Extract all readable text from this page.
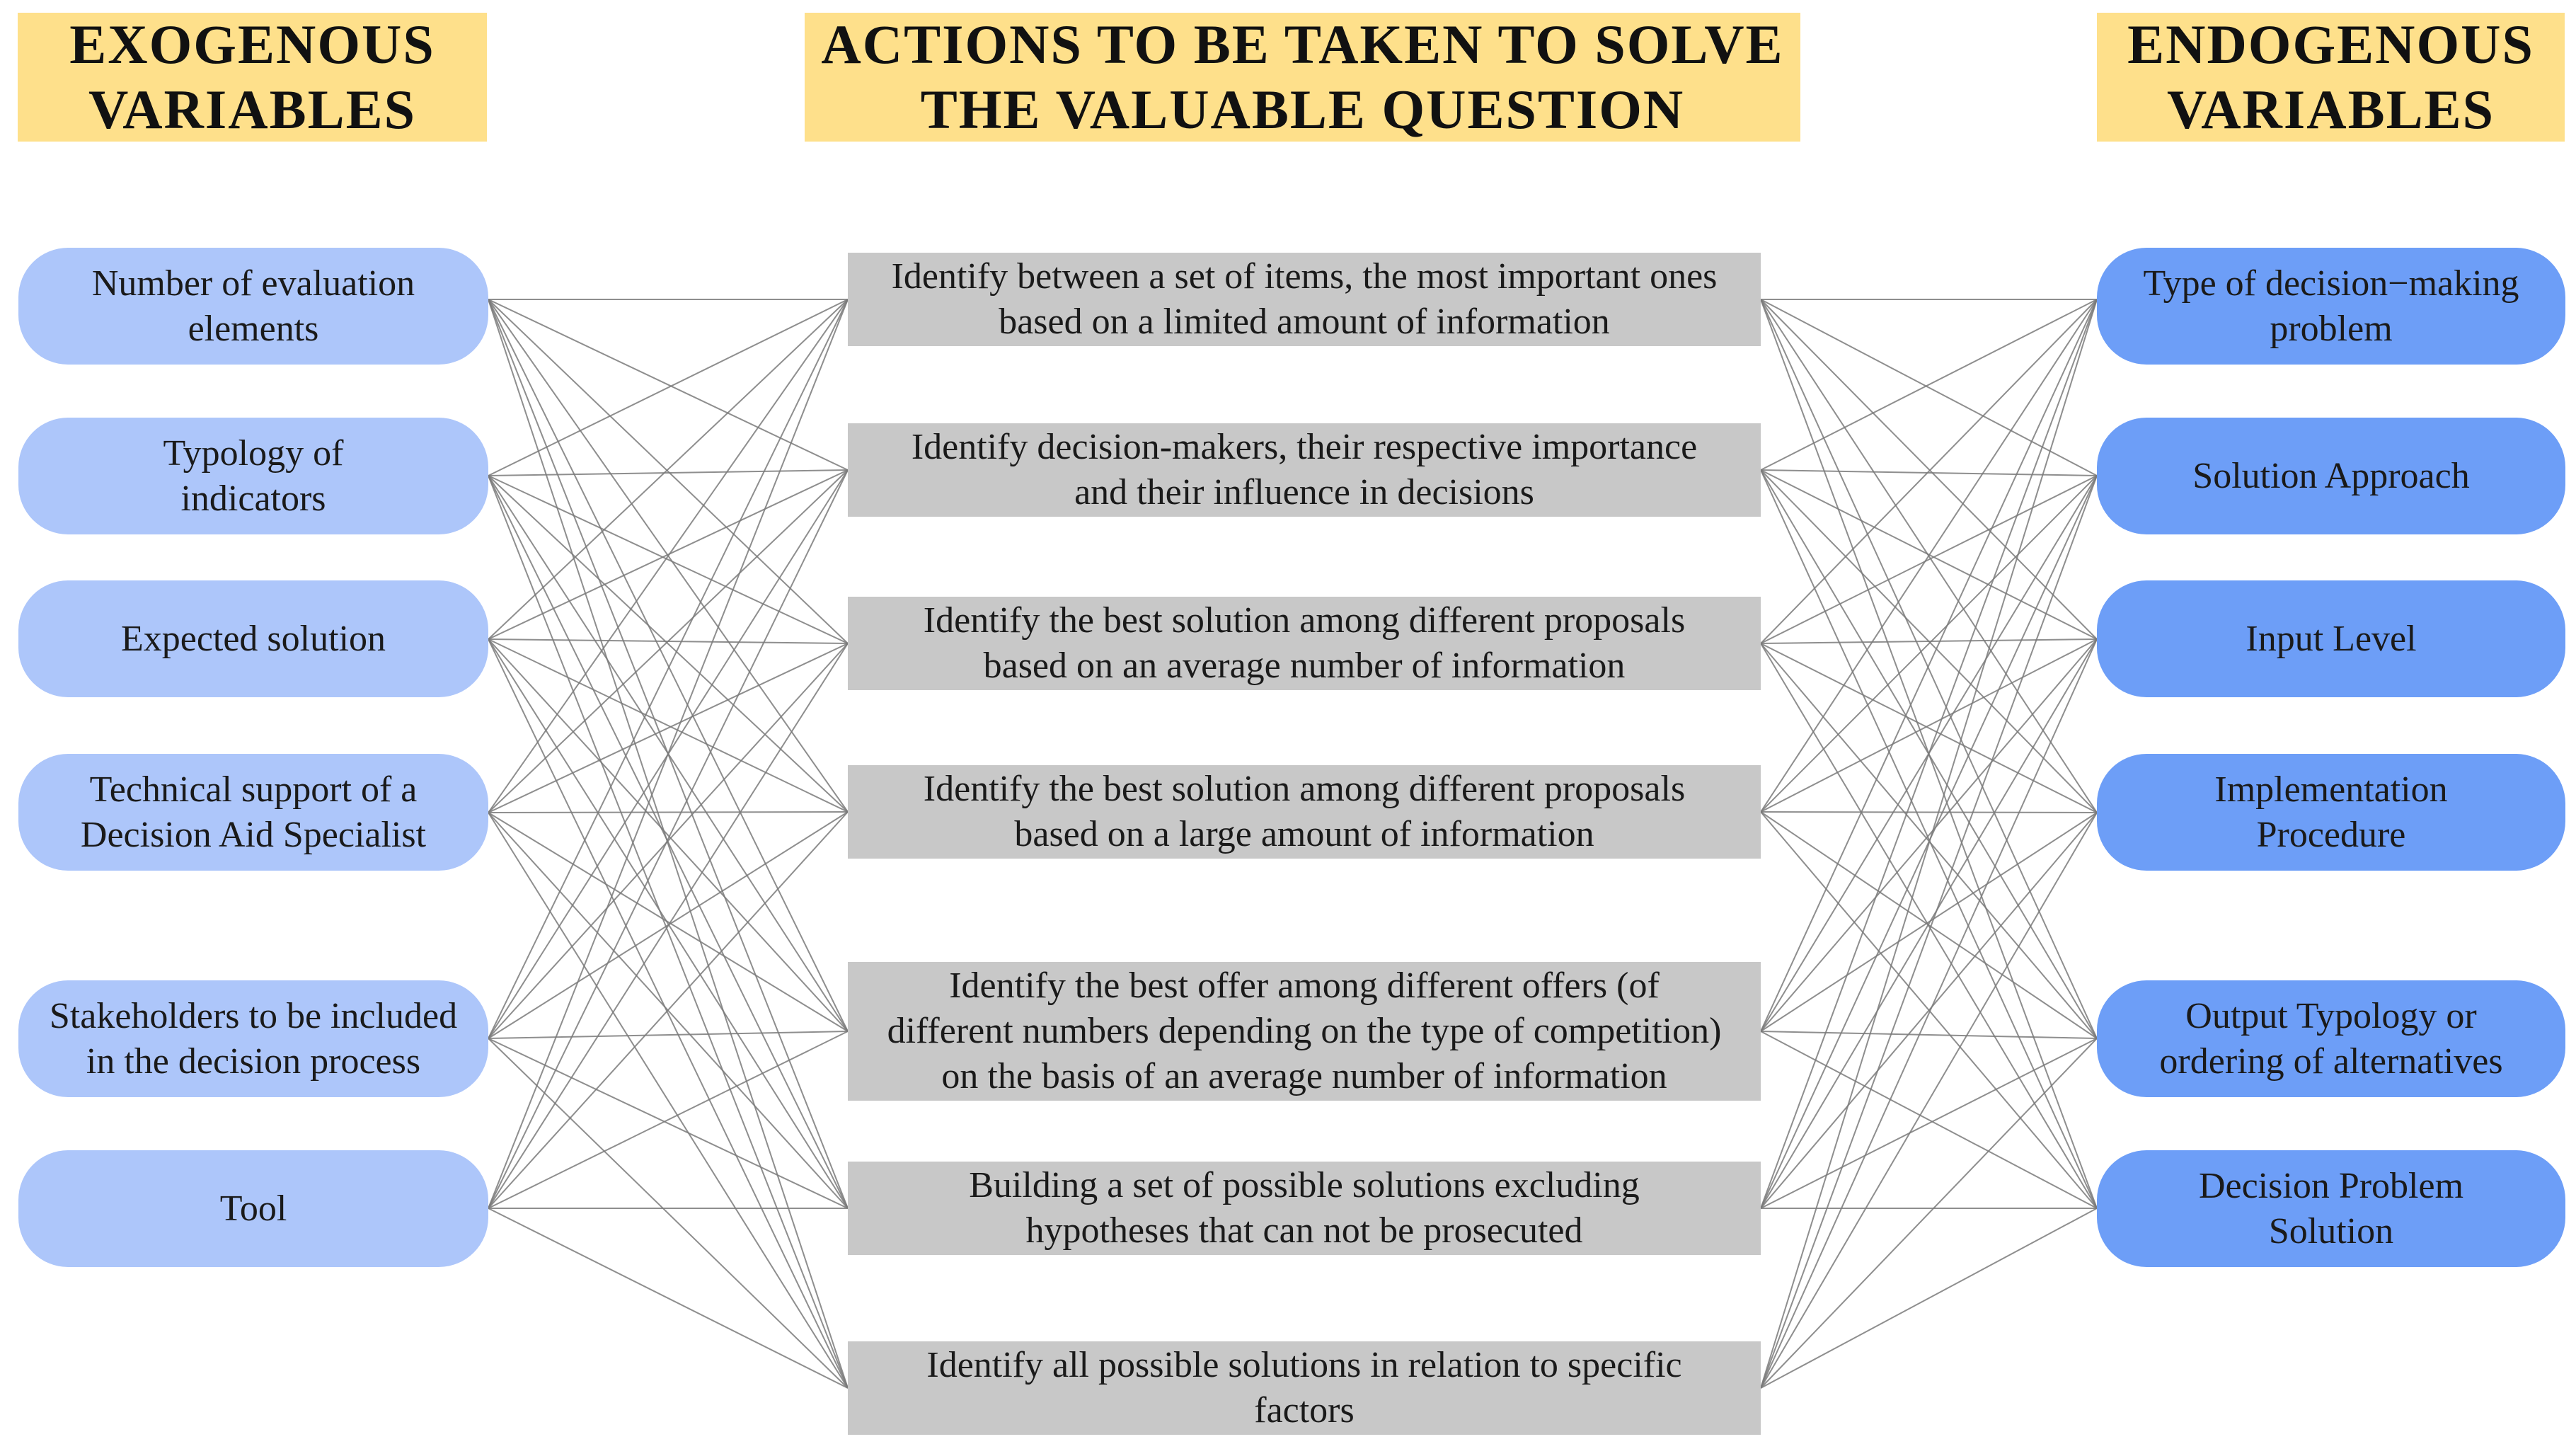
EXOGENOUS
VARIABLES
ACTIONS TO BE TAKEN TO SOLVE
THE VALUABLE QUESTION
ENDOGENOUS
VARIABLES
Number of evaluation
elements
Typology of
indicators
Expected solution
Technical support of a
Decision Aid Specialist
Stakeholders to be included
in the decision process
Tool
Identify between a set of items, the most important ones
based on a limited amount of information
Identify decision-makers, their respective importance
and their influence in decisions
Identify the best solution among different proposals
based on an average number of information
Identify the best solution among different proposals
based on a large amount of information
Identify the best offer among different offers (of
different numbers depending on the type of competition)
on the basis of an average number of information
Building a set of possible solutions excluding
hypotheses that can not be prosecuted
Identify all possible solutions in relation to specific
factors
Type of decision−making
problem
Solution Approach
Input Level
Implementation
Procedure
Output Typology or
ordering of alternatives
Decision Problem
Solution
